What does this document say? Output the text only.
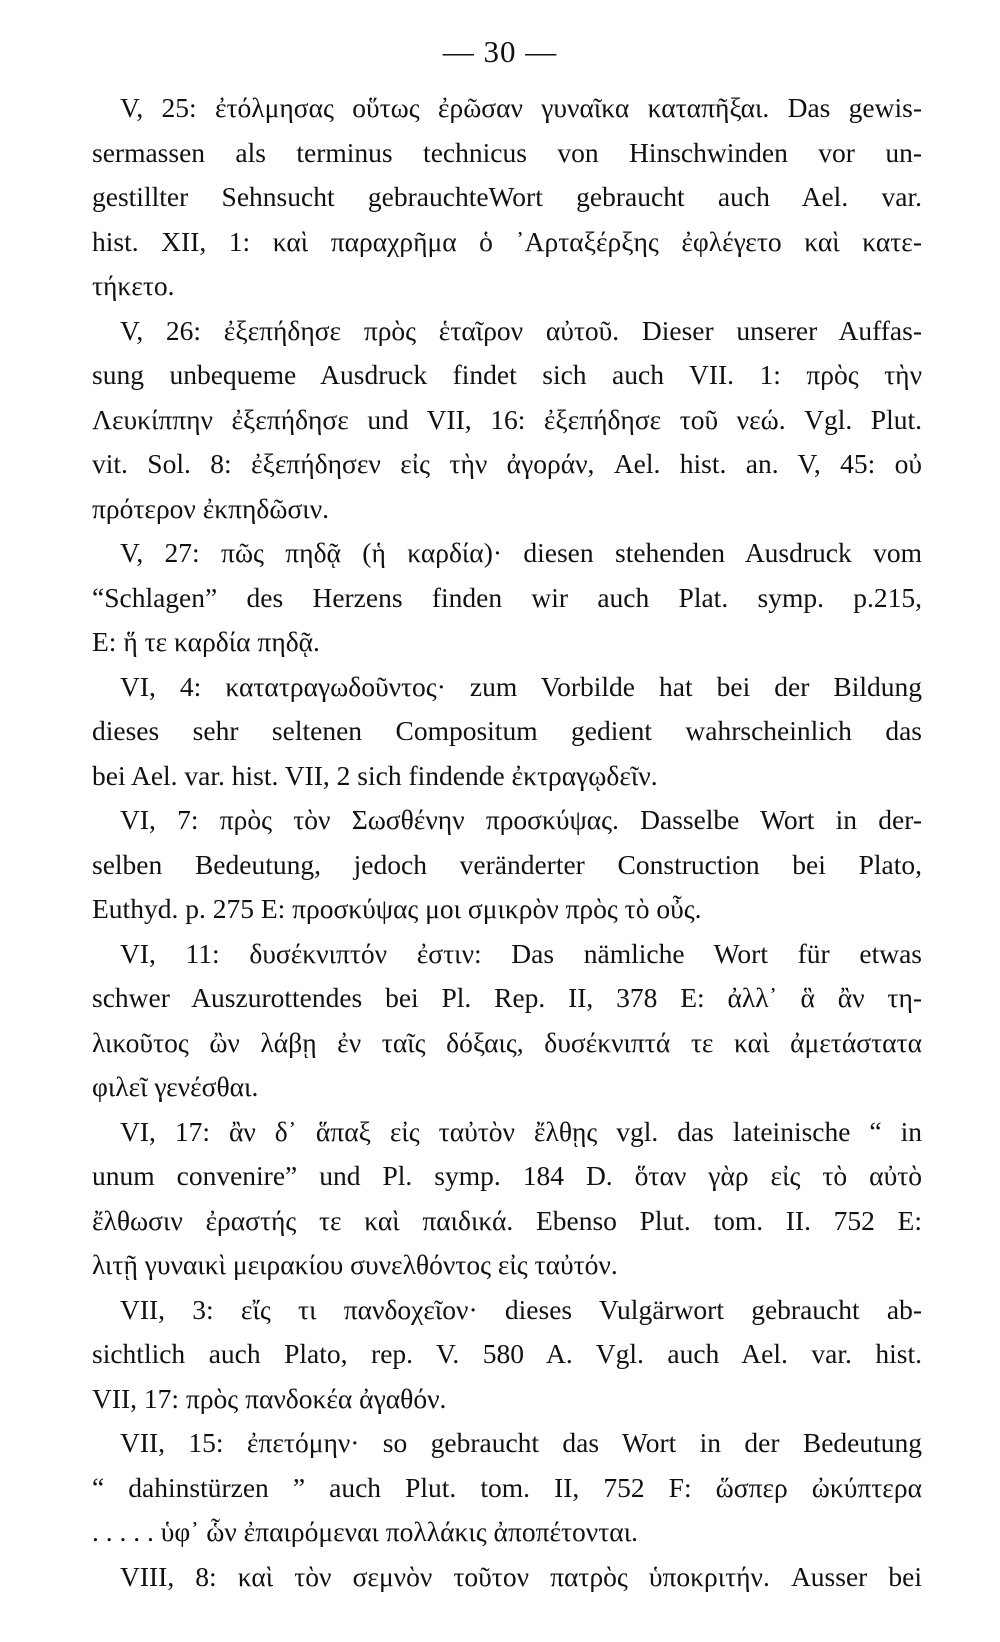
— 30 —
V, 25: ἐτόλμησας οὕτως ἐρῶσαν γυναῖκα καταπῆξαι. Das gewis-
sermassen als terminus technicus von Hinschwinden vor un-
gestillter Sehnsucht gebrauchteWort gebraucht auch Ael. var.
hist. XII, 1: καὶ παραχρῆμα ὁ ᾿Αρταξέρξης ἐφλέγετο καὶ κατε-
τήκετο.
V, 26: ἐξεπήδησε πρὸς ἑταῖρον αὐτοῦ. Dieser unserer Auffas-
sung unbequeme Ausdruck findet sich auch VII. 1: πρὸς τὴν
Λευκίππην ἐξεπήδησε und VII, 16: ἐξεπήδησε τοῦ νεώ. Vgl. Plut.
vit. Sol. 8: ἐξεπήδησεν εἰς τὴν ἀγοράν, Ael. hist. an. V, 45: οὐ
πρότερον ἐκπηδῶσιν.
V, 27: πῶς πηδᾷ (ἡ καρδία)· diesen stehenden Ausdruck vom
“Schlagen” des Herzens finden wir auch Plat. symp. p.215,
E: ἥ τε καρδία πηδᾷ.
VI, 4: κατατραγωδοῦντος· zum Vorbilde hat bei der Bildung
dieses sehr seltenen Compositum gedient wahrscheinlich das
bei Ael. var. hist. VII, 2 sich findende ἐκτραγῳδεῖν.
VI, 7: πρὸς τὸν Σωσθένην προσκύψας. Dasselbe Wort in der-
selben Bedeutung, jedoch veränderter Construction bei Plato,
Euthyd. p. 275 E: προσκύψας μοι σμικρὸν πρὸς τὸ οὖς.
VI, 11: δυσέκνιπτόν ἐστιν: Das nämliche Wort für etwas
schwer Auszurottendes bei Pl. Rep. II, 378 E: ἀλλ᾿ ἃ ἂν τη-
λικοῦτος ὢν λάβῃ ἐν ταῖς δόξαις, δυσέκνιπτά τε καὶ ἀμετάστατα
φιλεῖ γενέσθαι.
VI, 17: ἂν δ᾿ ἅπαξ εἰς ταὐτὸν ἔλθῃς vgl. das lateinische “ in
unum convenire” und Pl. symp. 184 D. ὅταν γὰρ εἰς τὸ αὐτὸ
ἔλθωσιν ἐραστής τε καὶ παιδικά. Ebenso Plut. tom. II. 752 E:
λιτῇ γυναικὶ μειρακίου συνελθόντος εἰς ταὐτόν.
VII, 3: εἴς τι πανδοχεῖον· dieses Vulgärwort gebraucht ab-
sichtlich auch Plato, rep. V. 580 A. Vgl. auch Ael. var. hist.
VII, 17: πρὸς πανδοκέα ἀγαθόν.
VII, 15: ἐπετόμην· so gebraucht das Wort in der Bedeutung
“ dahinstürzen ” auch Plut. tom. II, 752 F: ὥσπερ ὠκύπτερα
. . . . . ὑφ᾿ ὧν ἐπαιρόμεναι πολλάκις ἀποπέτονται.
VIII, 8: καὶ τὸν σεμνὸν τοῦτον πατρὸς ὑποκριτήν. Ausser bei
